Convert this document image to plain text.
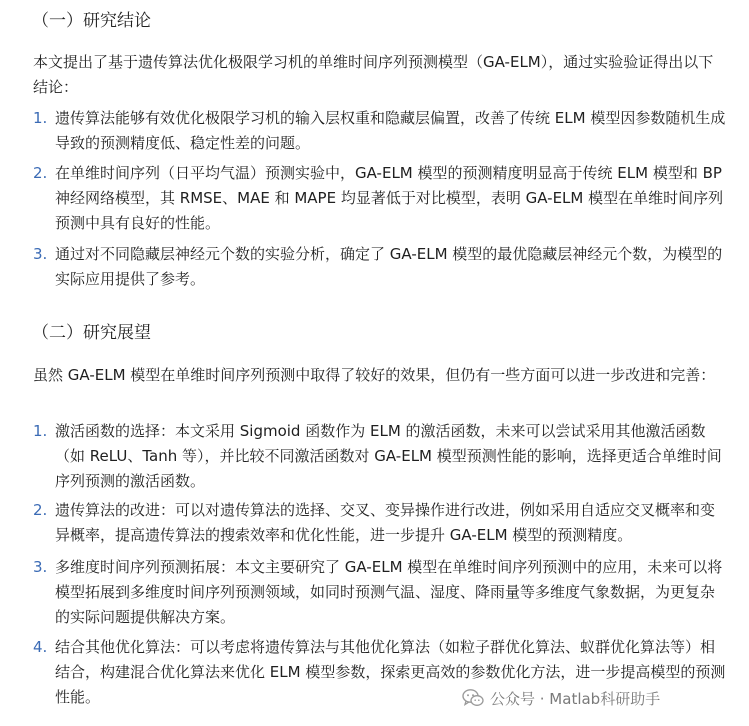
（一）研究结论

本文提出了基于遗传算法优化极限学习机的单维时间序列预测模型（GA-ELM），通过实验验证得出以下结论：

1. 遗传算法能够有效优化极限学习机的输入层权重和隐藏层偏置，改善了传统 ELM 模型因参数随机生成导致的预测精度低、稳定性差的问题。
2. 在单维时间序列（日平均气温）预测实验中，GA-ELM 模型的预测精度明显高于传统 ELM 模型和 BP 神经网络模型，其 RMSE、MAE 和 MAPE 均显著低于对比模型，表明 GA-ELM 模型在单维时间序列预测中具有良好的性能。
3. 通过对不同隐藏层神经元个数的实验分析，确定了 GA-ELM 模型的最优隐藏层神经元个数，为模型的实际应用提供了参考。
（二）研究展望

虽然 GA-ELM 模型在单维时间序列预测中取得了较好的效果，但仍有一些方面可以进一步改进和完善：

1. 激活函数的选择：本文采用 Sigmoid 函数作为 ELM 的激活函数，未来可以尝试采用其他激活函数（如 ReLU、Tanh 等），并比较不同激活函数对 GA-ELM 模型预测性能的影响，选择更适合单维时间序列预测的激活函数。
2. 遗传算法的改进：可以对遗传算法的选择、交叉、变异操作进行改进，例如采用自适应交叉概率和变异概率，提高遗传算法的搜索效率和优化性能，进一步提升 GA-ELM 模型的预测精度。
3. 多维度时间序列预测拓展：本文主要研究了 GA-ELM 模型在单维时间序列预测中的应用，未来可以将模型拓展到多维度时间序列预测领域，如同时预测气温、湿度、降雨量等多维度气象数据，为更复杂的实际问题提供解决方案。
4. 结合其他优化算法：可以考虑将遗传算法与其他优化算法（如粒子群优化算法、蚁群优化算法等）相结合，构建混合优化算法来优化 ELM 模型参数，探索更高效的参数优化方法，进一步提高模型的预测性能。	公众号 · Matlab科研助手
